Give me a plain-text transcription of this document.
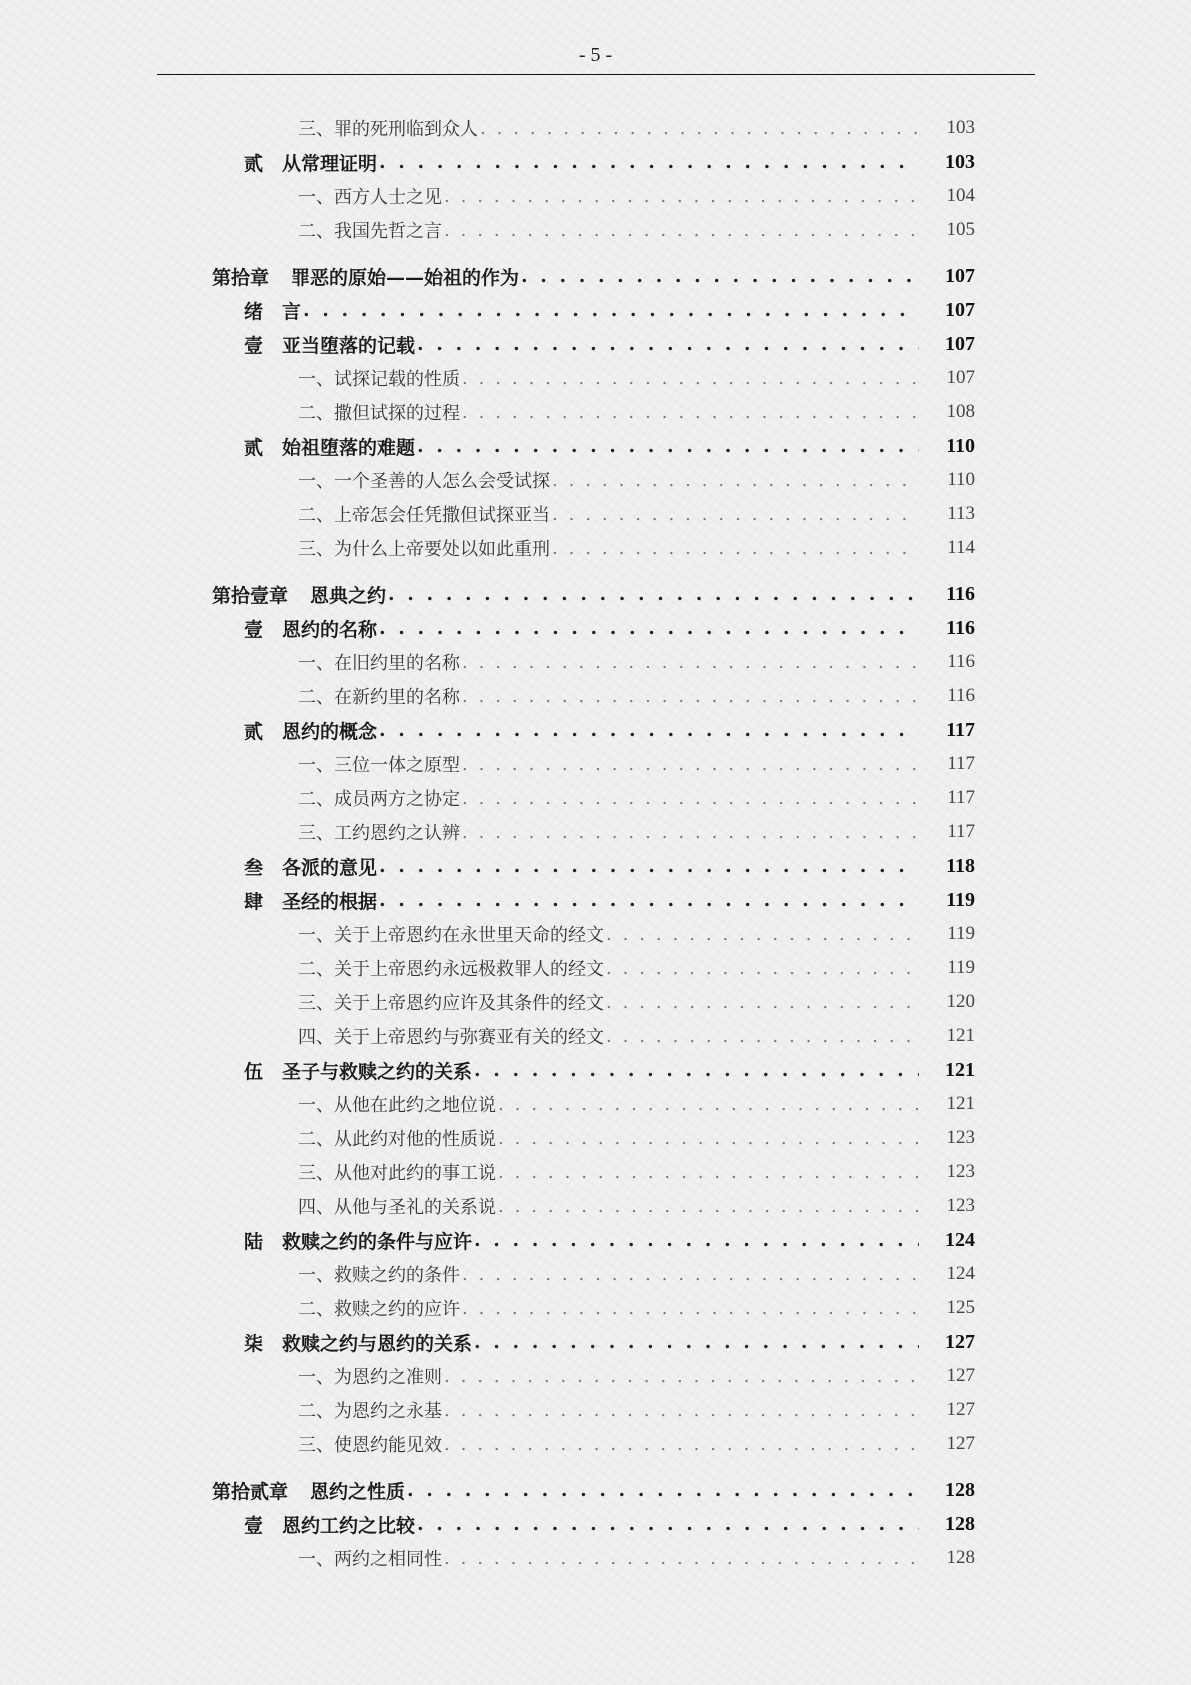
- 5 -
三、罪的死刑临到众人 . . .	103
贰 从常理证明 . . .	103
一、西方人士之见 . . .	104
二、我国先哲之言 . . .	105
第拾章 罪恶的原始——始祖的作为 . . .	107
绪 言 . . .	107
壹 亚当堕落的记载 . . .	107
一、试探记载的性质 . . .	107
二、撒但试探的过程 . . .	108
贰 始祖堕落的难题 . . .	110
一、一个圣善的人怎么会受试探 . . .	110
二、上帝怎会任凭撒但试探亚当 . . .	113
三、为什么上帝要处以如此重刑 . . .	114
第拾壹章 恩典之约 . . .	116
壹 恩约的名称 . . .	116
一、在旧约里的名称 . . .	116
二、在新约里的名称 . . .	116
贰 恩约的概念 . . .	117
一、三位一体之原型 . . .	117
二、成员两方之协定 . . .	117
三、工约恩约之认辨 . . .	117
叁 各派的意见 . . .	118
肆 圣经的根据 . . .	119
一、关于上帝恩约在永世里天命的经文 . . .	119
二、关于上帝恩约永远极救罪人的经文 . . .	119
三、关于上帝恩约应许及其条件的经文 . . .	120
四、关于上帝恩约与弥赛亚有关的经文 . . .	121
伍 圣子与救赎之约的关系 . . .	121
一、从他在此约之地位说 . . .	121
二、从此约对他的性质说 . . .	123
三、从他对此约的事工说 . . .	123
四、从他与圣礼的关系说 . . .	123
陆 救赎之约的条件与应许 . . .	124
一、救赎之约的条件 . . .	124
二、救赎之约的应许 . . .	125
柒 救赎之约与恩约的关系 . . .	127
一、为恩约之准则 . . .	127
二、为恩约之永基 . . .	127
三、使恩约能见效 . . .	127
第拾贰章 恩约之性质 . . .	128
壹 恩约工约之比较 . . .	128
一、两约之相同性 . . .	128
